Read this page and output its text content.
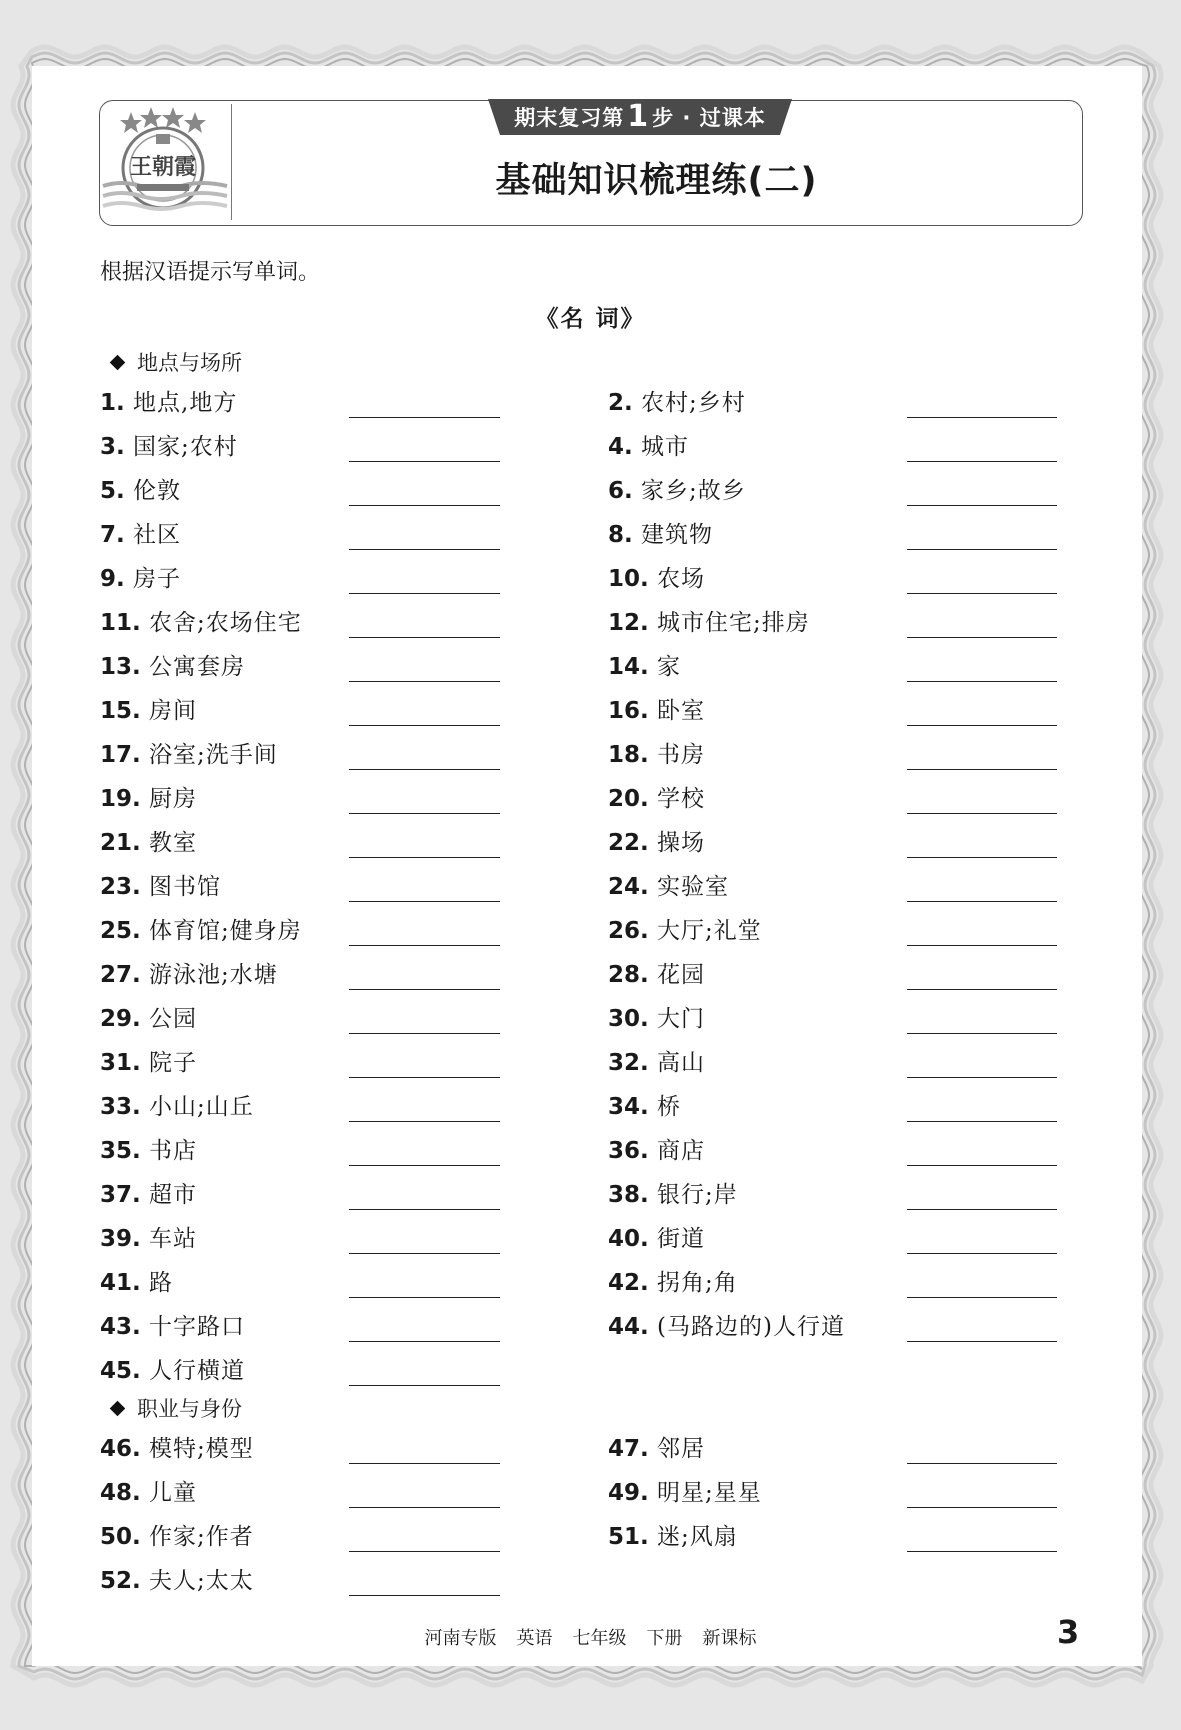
王朝霞
期末复习第 1 步 · 过课本
基础知识梳理练(二)
根据汉语提示写单词。
《名 词》
地点与场所
1. 地点,地方	2. 农村;乡村
3. 国家;农村	4. 城市
5. 伦敦	6. 家乡;故乡
7. 社区	8. 建筑物
9. 房子	10. 农场
11. 农舍;农场住宅	12. 城市住宅;排房
13. 公寓套房	14. 家
15. 房间	16. 卧室
17. 浴室;洗手间	18. 书房
19. 厨房	20. 学校
21. 教室	22. 操场
23. 图书馆	24. 实验室
25. 体育馆;健身房	26. 大厅;礼堂
27. 游泳池;水塘	28. 花园
29. 公园	30. 大门
31. 院子	32. 高山
33. 小山;山丘	34. 桥
35. 书店	36. 商店
37. 超市	38. 银行;岸
39. 车站	40. 街道
41. 路	42. 拐角;角
43. 十字路口	44. (马路边的)人行道
45. 人行横道
职业与身份
46. 模特;模型	47. 邻居
48. 儿童	49. 明星;星星
50. 作家;作者	51. 迷;风扇
52. 夫人;太太
河南专版 英语 七年级 下册 新课标	3
